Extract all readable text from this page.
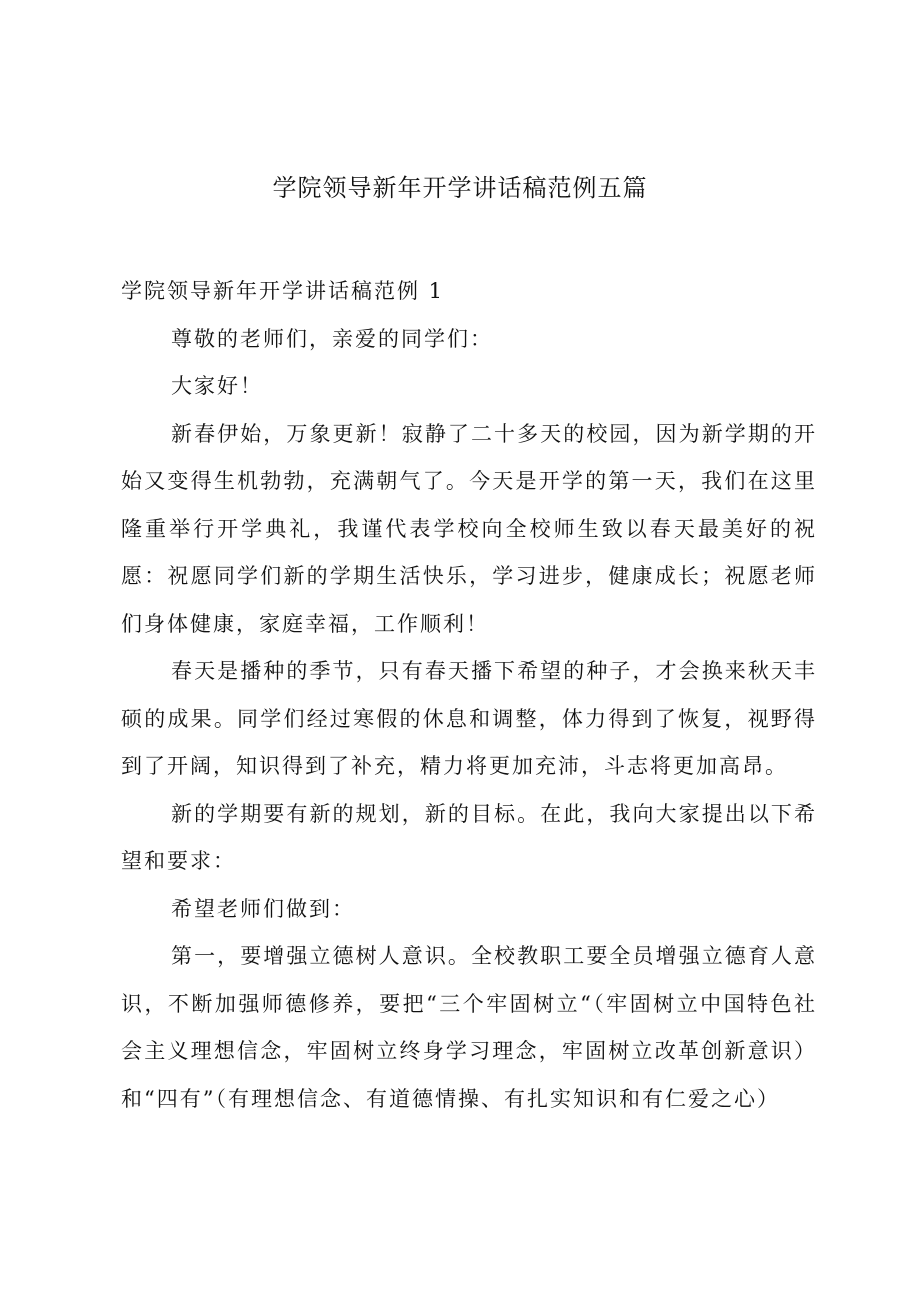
学院领导新年开学讲话稿范例五篇

学院领导新年开学讲话稿范例 1

尊敬的老师们，亲爱的同学们：

大家好！

新春伊始，万象更新！寂静了二十多天的校园，因为新学期的开始又变得生机勃勃，充满朝气了。今天是开学的第一天，我们在这里隆重举行开学典礼，我谨代表学校向全校师生致以春天最美好的祝愿：祝愿同学们新的学期生活快乐，学习进步，健康成长；祝愿老师们身体健康，家庭幸福，工作顺利！

春天是播种的季节，只有春天播下希望的种子，才会换来秋天丰硕的成果。同学们经过寒假的休息和调整，体力得到了恢复，视野得到了开阔，知识得到了补充，精力将更加充沛，斗志将更加高昂。

新的学期要有新的规划，新的目标。在此，我向大家提出以下希望和要求：

希望老师们做到：

第一，要增强立德树人意识。全校教职工要全员增强立德育人意识，不断加强师德修养，要把“三个牢固树立“（牢固树立中国特色社会主义理想信念，牢固树立终身学习理念，牢固树立改革创新意识）和“四有”（有理想信念、有道德情操、有扎实知识和有仁爱之心）
